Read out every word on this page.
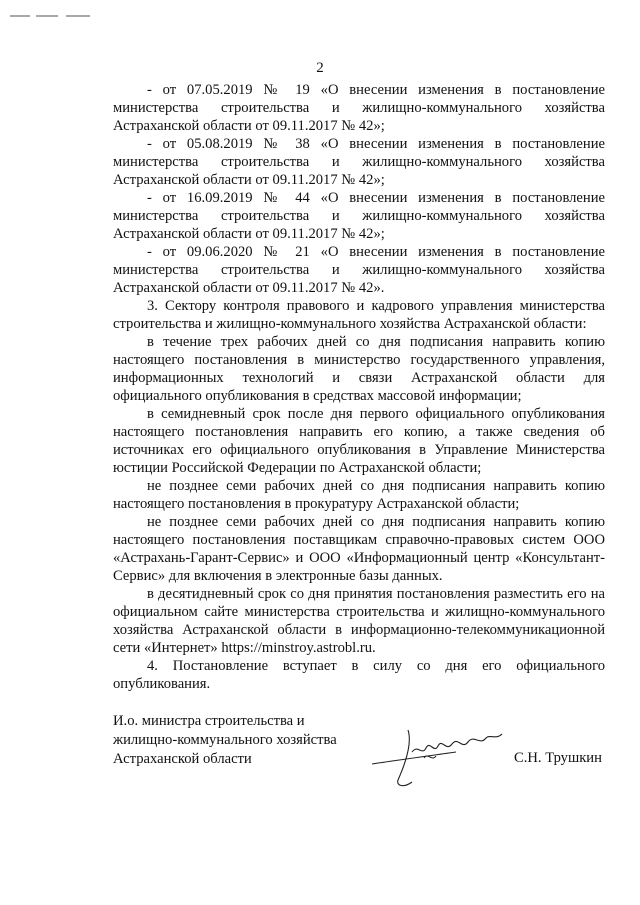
2

- от 07.05.2019 № 19 «О внесении изменения в постановление министерства строительства и жилищно-коммунального хозяйства Астраханской области от 09.11.2017 № 42»;

- от 05.08.2019 № 38 «О внесении изменения в постановление министерства строительства и жилищно-коммунального хозяйства Астраханской области от 09.11.2017 № 42»;

- от 16.09.2019 № 44 «О внесении изменения в постановление министерства строительства и жилищно-коммунального хозяйства Астраханской области от 09.11.2017 № 42»;

- от 09.06.2020 № 21 «О внесении изменения в постановление министерства строительства и жилищно-коммунального хозяйства Астраханской области от 09.11.2017 № 42».

3. Сектору контроля правового и кадрового управления министерства строительства и жилищно-коммунального хозяйства Астраханской области:

в течение трех рабочих дней со дня подписания направить копию настоящего постановления в министерство государственного управления, информационных технологий и связи Астраханской области для официального опубликования в средствах массовой информации;

в семидневный срок после дня первого официального опубликования настоящего постановления направить его копию, а также сведения об источниках его официального опубликования в Управление Министерства юстиции Российской Федерации по Астраханской области;

не позднее семи рабочих дней со дня подписания направить копию настоящего постановления в прокуратуру Астраханской области;

не позднее семи рабочих дней со дня подписания направить копию настоящего постановления поставщикам справочно-правовых систем ООО «Астрахань-Гарант-Сервис» и ООО «Информационный центр «Консультант-Сервис» для включения в электронные базы данных.

в десятидневный срок со дня принятия постановления разместить его на официальном сайте министерства строительства и жилищно-коммунального хозяйства Астраханской области в информационно-телекоммуникационной сети «Интернет» https://minstroy.astrobl.ru.

4. Постановление вступает в силу со дня его официального опубликования.

И.о. министра строительства и
жилищно-коммунального хозяйства
Астраханской области	С.Н. Трушкин
